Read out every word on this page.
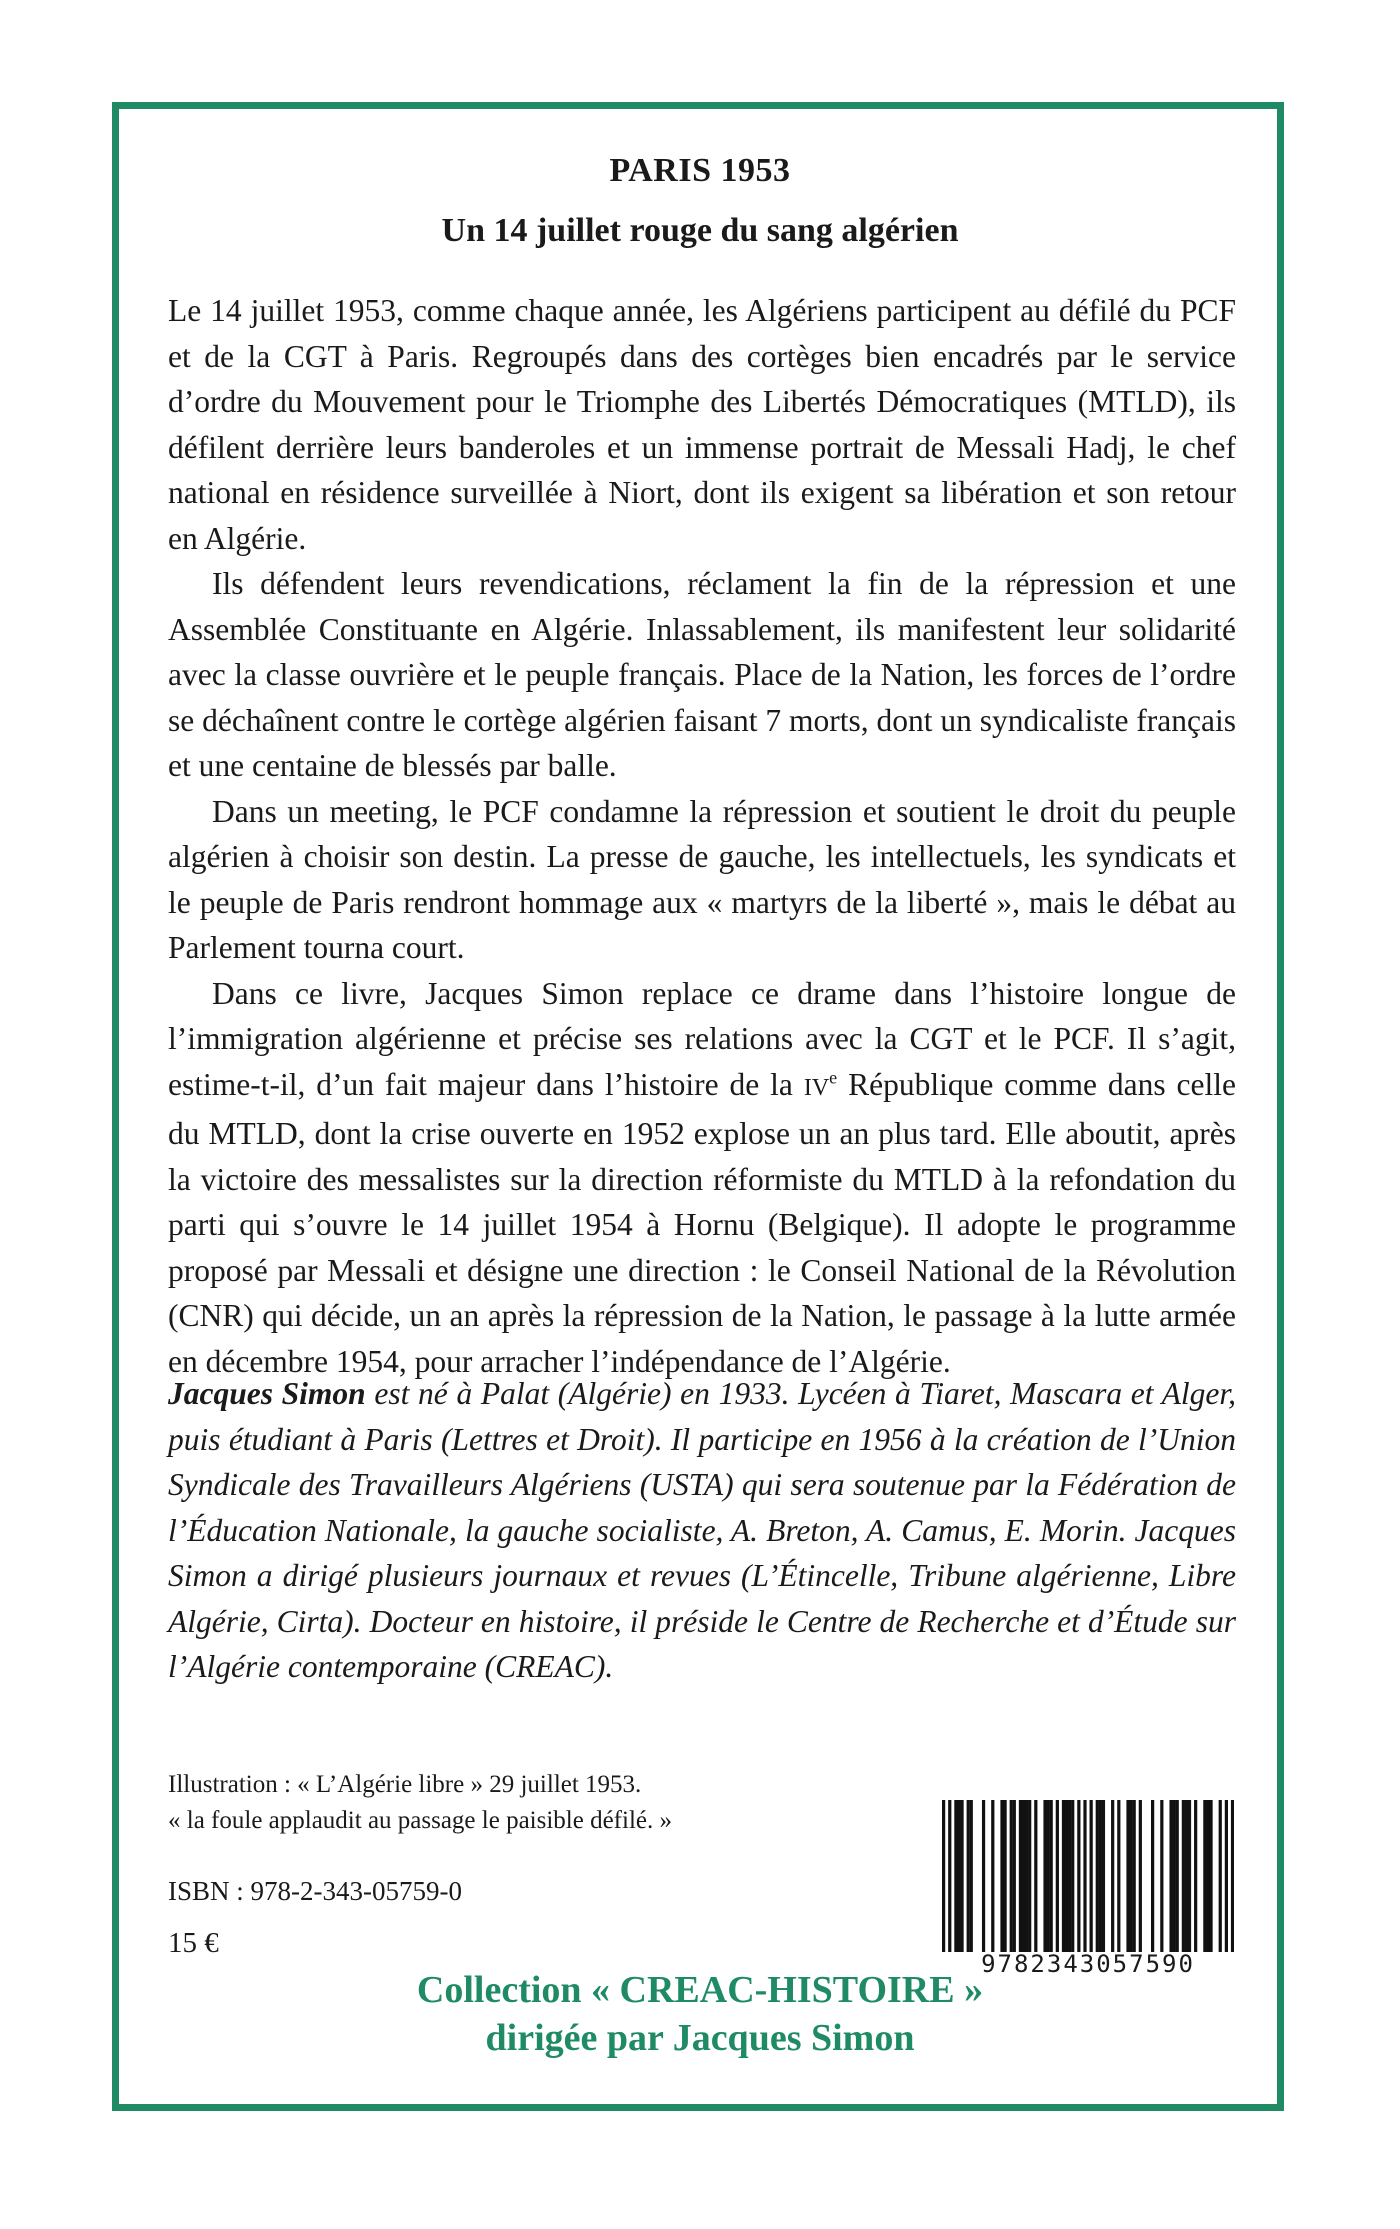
PARIS 1953
Un 14 juillet rouge du sang algérien

Le 14 juillet 1953, comme chaque année, les Algériens participent au défilé du PCF et de la CGT à Paris. Regroupés dans des cortèges bien encadrés par le service d’ordre du Mouvement pour le Triomphe des Libertés Démocratiques (MTLD), ils défilent derrière leurs banderoles et un immense portrait de Messali Hadj, le chef national en résidence surveillée à Niort, dont ils exigent sa libération et son retour en Algérie.

Ils défendent leurs revendications, réclament la fin de la répression et une Assemblée Constituante en Algérie. Inlassablement, ils manifestent leur solidarité avec la classe ouvrière et le peuple français. Place de la Nation, les forces de l’ordre se déchaînent contre le cortège algérien faisant 7 morts, dont un syndicaliste français et une centaine de blessés par balle.

Dans un meeting, le PCF condamne la répression et soutient le droit du peuple algérien à choisir son destin. La presse de gauche, les intellectuels, les syndicats et le peuple de Paris rendront hommage aux « martyrs de la liberté », mais le débat au Parlement tourna court.

Dans ce livre, Jacques Simon replace ce drame dans l’histoire longue de l’immigration algérienne et précise ses relations avec la CGT et le PCF. Il s’agit, estime-t-il, d’un fait majeur dans l’histoire de la IVe République comme dans celle du MTLD, dont la crise ouverte en 1952 explose un an plus tard. Elle aboutit, après la victoire des messalistes sur la direction réformiste du MTLD à la refondation du parti qui s’ouvre le 14 juillet 1954 à Hornu (Belgique). Il adopte le programme proposé par Messali et désigne une direction : le Conseil National de la Révolution (CNR) qui décide, un an après la répression de la Nation, le passage à la lutte armée en décembre 1954, pour arracher l’indépendance de l’Algérie.

Jacques Simon est né à Palat (Algérie) en 1933. Lycéen à Tiaret, Mascara et Alger, puis étudiant à Paris (Lettres et Droit). Il participe en 1956 à la création de l’Union Syndicale des Travailleurs Algériens (USTA) qui sera soutenue par la Fédération de l’Éducation Nationale, la gauche socialiste, A. Breton, A. Camus, E. Morin. Jacques Simon a dirigé plusieurs journaux et revues (L’Étincelle, Tribune algérienne, Libre Algérie, Cirta). Docteur en histoire, il préside le Centre de Recherche et d’Étude sur l’Algérie contemporaine (CREAC).

Illustration : « L’Algérie libre » 29 juillet 1953.

« la foule applaudit au passage le paisible défilé. »

ISBN : 978-2-343-05759-0

15 €

9782343057590

Collection « CREAC-HISTOIRE »

dirigée par Jacques Simon
